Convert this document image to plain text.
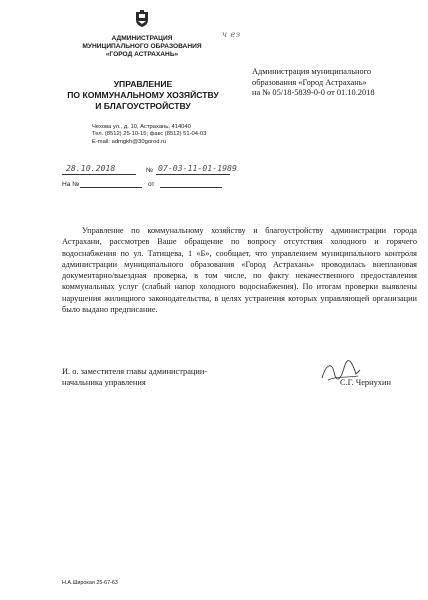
АДМИНИСТРАЦИЯ
МУНИЦИПАЛЬНОГО ОБРАЗОВАНИЯ
«ГОРОД АСТРАХАНЬ»
УПРАВЛЕНИЕ
ПО КОММУНАЛЬНОМУ ХОЗЯЙСТВУ
И БЛАГОУСТРОЙСТВУ
Чехова ул., д. 10, Астрахань, 414040
Тел. (8512) 25-10-15; факс (8512) 51-04-03
E-mail: admgkh@30gorod.ru
ч ез
Администрация муниципального
образования «Город Астрахань»
на № 05/18-5839-0-0 от 01.10.2018
28.10.2018	№ 07-03-11-01-1989
На №	от

Управление по коммунальному хозяйству и благоустройству администрации города Астрахани, рассмотрев Ваше обращение по вопросу отсутствия холодного и горячего водоснабжения по ул. Татищева, 1 «Б», сообщает, что управлением муниципального контроля администрации муниципального образования «Город Астрахань» проводилась внеплановая документарно/выездная проверка, в том числе, по факту некачественного предоставления коммунальных услуг (слабый напор холодного водоснабжения). По итогам проверки выявлены нарушения жилищного законодательства, в целях устранения которых управляющей организации было выдано предписание.

И. о. заместителя главы администрации-
начальника управления	С.Г. Чернухин
Н.А.Широкая 25-67-63
